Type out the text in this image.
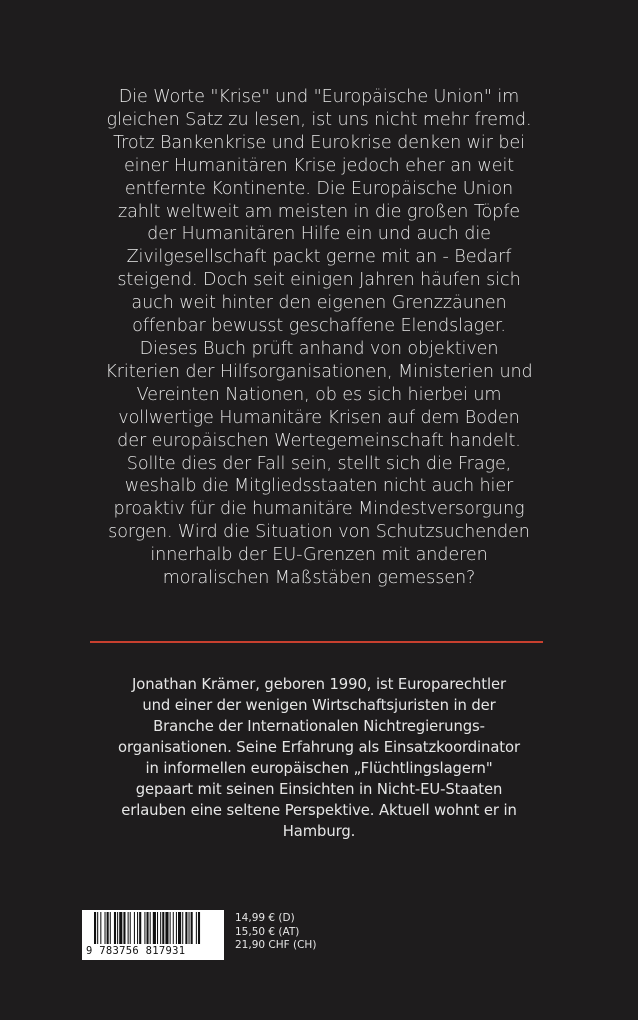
Die Worte "Krise" und "Europäische Union" im
gleichen Satz zu lesen, ist uns nicht mehr fremd.
Trotz Bankenkrise und Eurokrise denken wir bei
einer Humanitären Krise jedoch eher an weit
entfernte Kontinente. Die Europäische Union
zahlt weltweit am meisten in die großen Töpfe
der Humanitären Hilfe ein und auch die
Zivilgesellschaft packt gerne mit an - Bedarf
steigend. Doch seit einigen Jahren häufen sich
auch weit hinter den eigenen Grenzzäunen
offenbar bewusst geschaffene Elendslager.
Dieses Buch prüft anhand von objektiven
Kriterien der Hilfsorganisationen, Ministerien und
Vereinten Nationen, ob es sich hierbei um
vollwertige Humanitäre Krisen auf dem Boden
der europäischen Wertegemeinschaft handelt.
Sollte dies der Fall sein, stellt sich die Frage,
weshalb die Mitgliedsstaaten nicht auch hier
proaktiv für die humanitäre Mindestversorgung
sorgen. Wird die Situation von Schutzsuchenden
innerhalb der EU-Grenzen mit anderen
moralischen Maßstäben gemessen?
Jonathan Krämer, geboren 1990, ist Europarechtler
und einer der wenigen Wirtschaftsjuristen in der
Branche der Internationalen Nichtregierungs-
organisationen. Seine Erfahrung als Einsatzkoordinator
in informellen europäischen „Flüchtlingslagern"
gepaart mit seinen Einsichten in Nicht-EU-Staaten
erlauben eine seltene Perspektive. Aktuell wohnt er in
Hamburg.
9 783756 817931
14,99 € (D)
15,50 € (AT)
21,90 CHF (CH)
